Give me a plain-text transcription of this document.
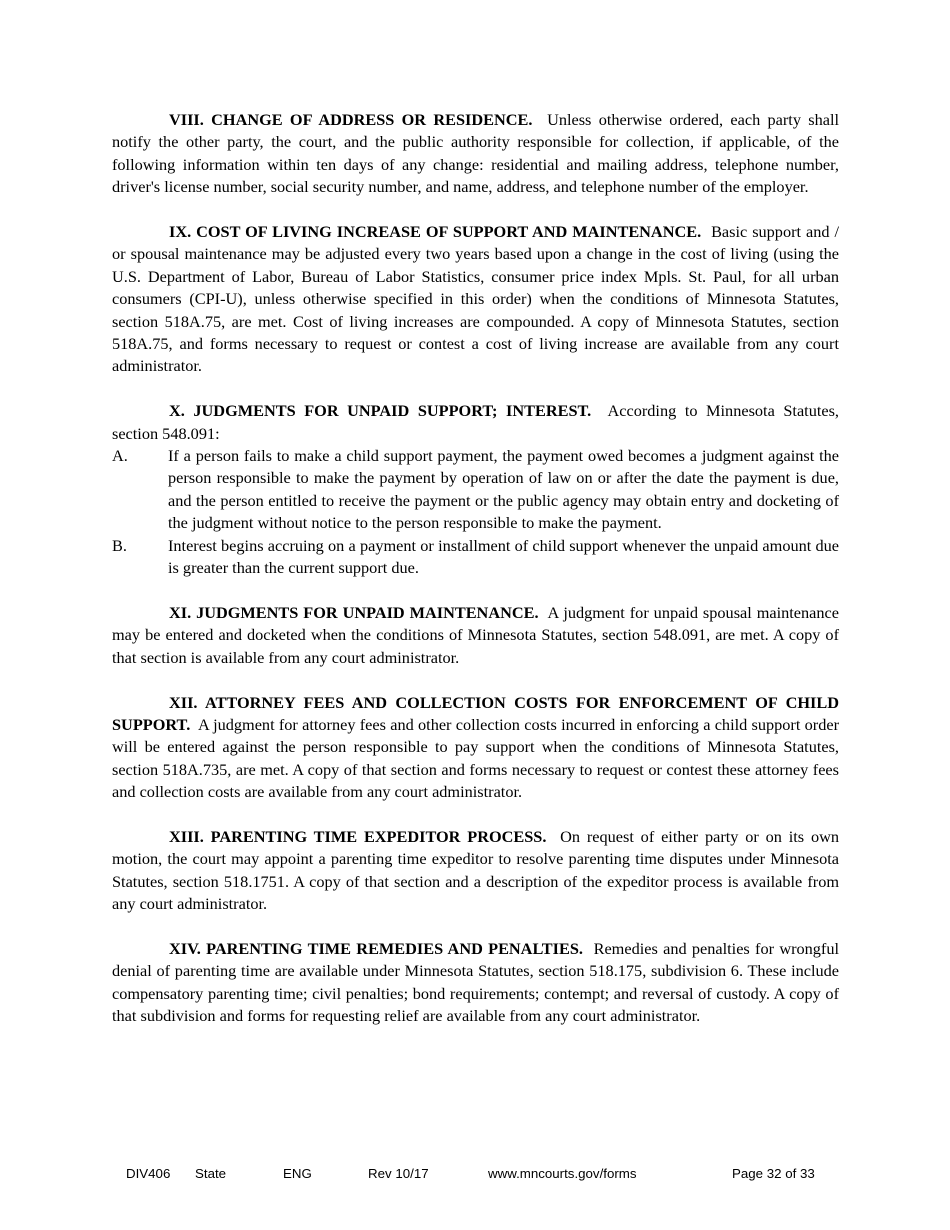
VIII. CHANGE OF ADDRESS OR RESIDENCE. Unless otherwise ordered, each party shall notify the other party, the court, and the public authority responsible for collection, if applicable, of the following information within ten days of any change: residential and mailing address, telephone number, driver's license number, social security number, and name, address, and telephone number of the employer.

IX. COST OF LIVING INCREASE OF SUPPORT AND MAINTENANCE. Basic support and / or spousal maintenance may be adjusted every two years based upon a change in the cost of living (using the U.S. Department of Labor, Bureau of Labor Statistics, consumer price index Mpls. St. Paul, for all urban consumers (CPI-U), unless otherwise specified in this order) when the conditions of Minnesota Statutes, section 518A.75, are met. Cost of living increases are compounded. A copy of Minnesota Statutes, section 518A.75, and forms necessary to request or contest a cost of living increase are available from any court administrator.

X. JUDGMENTS FOR UNPAID SUPPORT; INTEREST. According to Minnesota Statutes, section 548.091:

A. If a person fails to make a child support payment, the payment owed becomes a judgment against the person responsible to make the payment by operation of law on or after the date the payment is due, and the person entitled to receive the payment or the public agency may obtain entry and docketing of the judgment without notice to the person responsible to make the payment.
B.	Interest begins accruing on a payment or installment of child support whenever the unpaid amount due is greater than the current support due.

XI. JUDGMENTS FOR UNPAID MAINTENANCE. A judgment for unpaid spousal maintenance may be entered and docketed when the conditions of Minnesota Statutes, section 548.091, are met. A copy of that section is available from any court administrator.

XII. ATTORNEY FEES AND COLLECTION COSTS FOR ENFORCEMENT OF CHILD SUPPORT. A judgment for attorney fees and other collection costs incurred in enforcing a child support order will be entered against the person responsible to pay support when the conditions of Minnesota Statutes, section 518A.735, are met. A copy of that section and forms necessary to request or contest these attorney fees and collection costs are available from any court administrator.

XIII. PARENTING TIME EXPEDITOR PROCESS. On request of either party or on its own motion, the court may appoint a parenting time expeditor to resolve parenting time disputes under Minnesota Statutes, section 518.1751. A copy of that section and a description of the expeditor process is available from any court administrator.

XIV. PARENTING TIME REMEDIES AND PENALTIES. Remedies and penalties for wrongful denial of parenting time are available under Minnesota Statutes, section 518.175, subdivision 6. These include compensatory parenting time; civil penalties; bond requirements; contempt; and reversal of custody. A copy of that subdivision and forms for requesting relief are available from any court administrator.

DIV406 State	ENG	Rev 10/17	www.mncourts.gov/forms	Page 32 of 33
